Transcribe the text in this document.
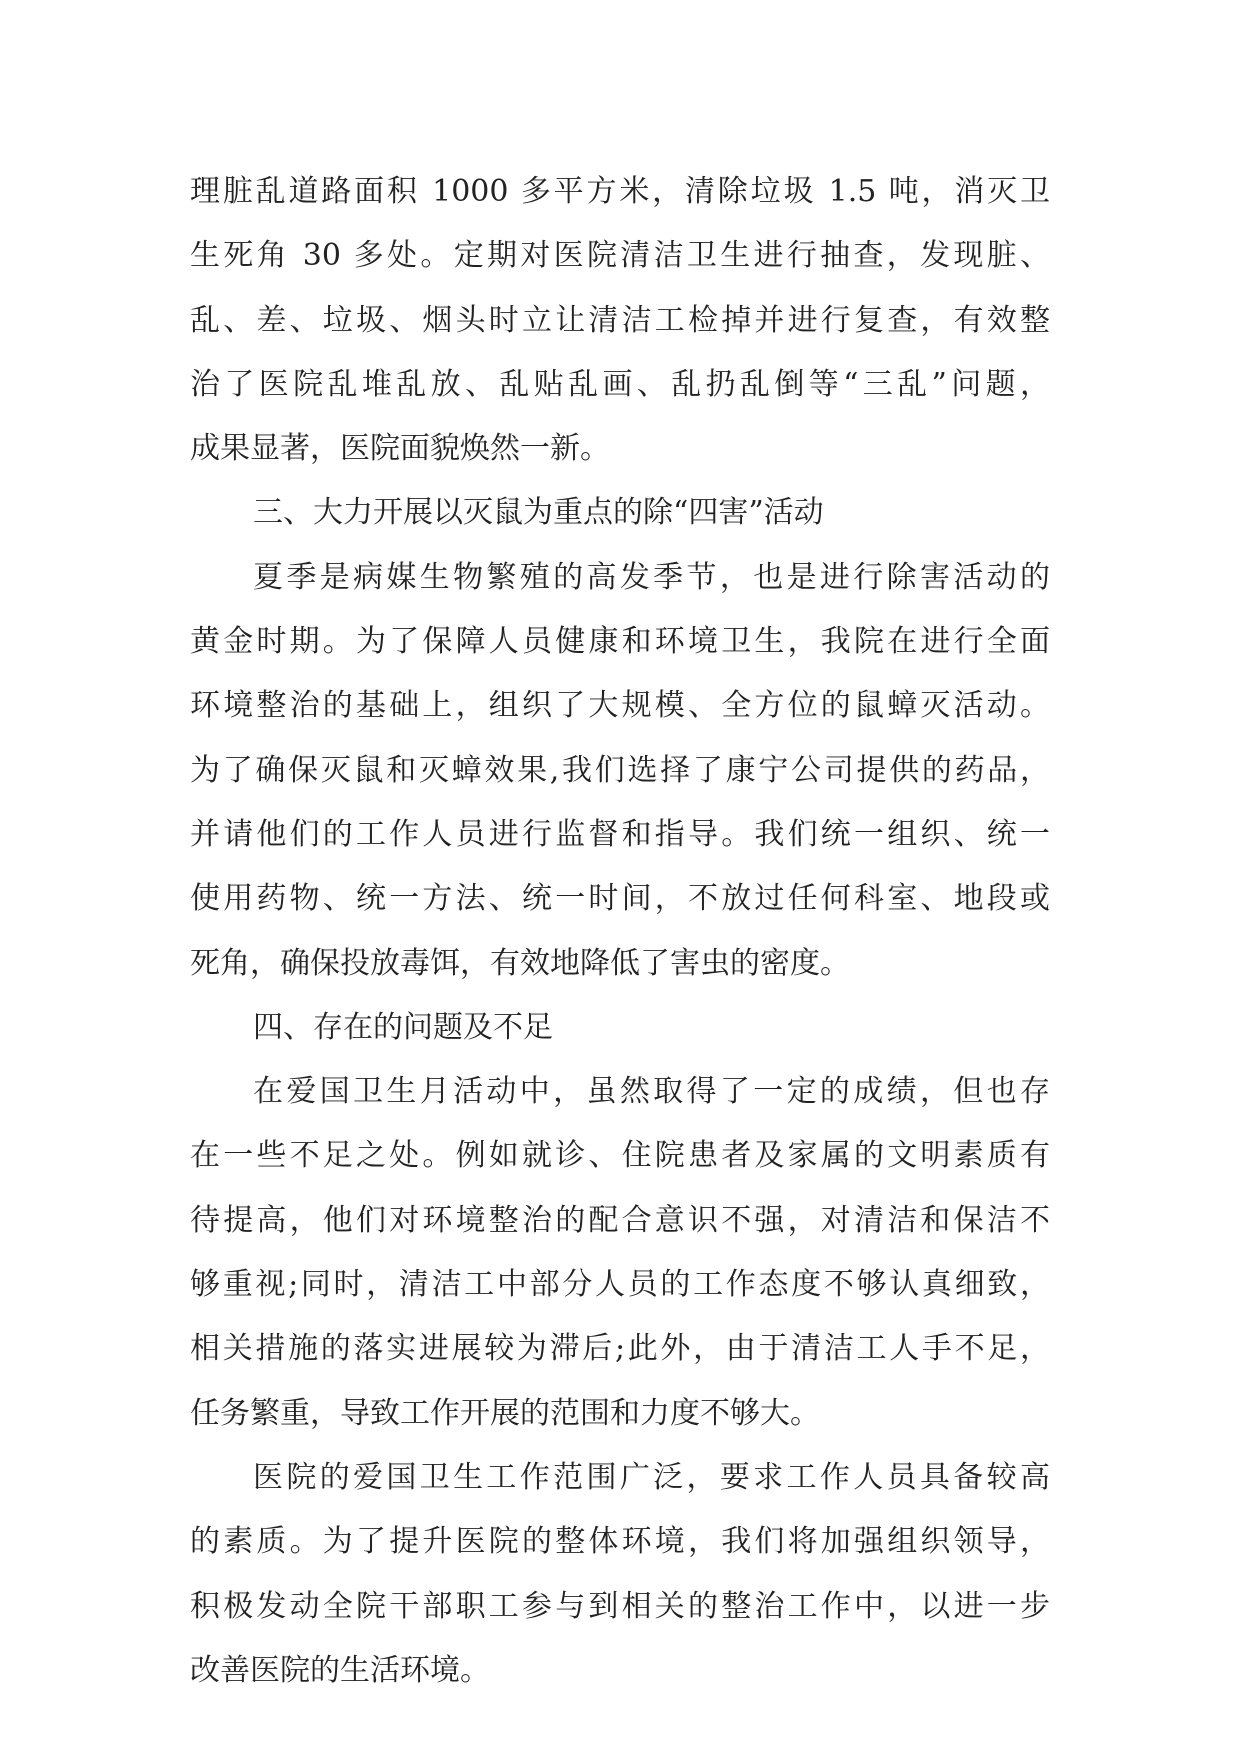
理脏乱道路面积 1000 多平方米，清除垃圾 1.5 吨，消灭卫
生死角 30 多处。定期对医院清洁卫生进行抽查，发现脏、
乱、差、垃圾、烟头时立让清洁工检掉并进行复查，有效整
治了医院乱堆乱放、乱贴乱画、乱扔乱倒等“三乱”问题，
成果显著，医院面貌焕然一新。
三、大力开展以灭鼠为重点的除“四害”活动
夏季是病媒生物繁殖的高发季节，也是进行除害活动的
黄金时期。为了保障人员健康和环境卫生，我院在进行全面
环境整治的基础上，组织了大规模、全方位的鼠蟑灭活动。
为了确保灭鼠和灭蟑效果,我们选择了康宁公司提供的药品，
并请他们的工作人员进行监督和指导。我们统一组织、统一
使用药物、统一方法、统一时间，不放过任何科室、地段或
死角，确保投放毒饵，有效地降低了害虫的密度。
四、存在的问题及不足
在爱国卫生月活动中，虽然取得了一定的成绩，但也存
在一些不足之处。例如就诊、住院患者及家属的文明素质有
待提高，他们对环境整治的配合意识不强，对清洁和保洁不
够重视;同时，清洁工中部分人员的工作态度不够认真细致，
相关措施的落实进展较为滞后;此外，由于清洁工人手不足，
任务繁重，导致工作开展的范围和力度不够大。
医院的爱国卫生工作范围广泛，要求工作人员具备较高
的素质。为了提升医院的整体环境，我们将加强组织领导，
积极发动全院干部职工参与到相关的整治工作中，以进一步
改善医院的生活环境。
